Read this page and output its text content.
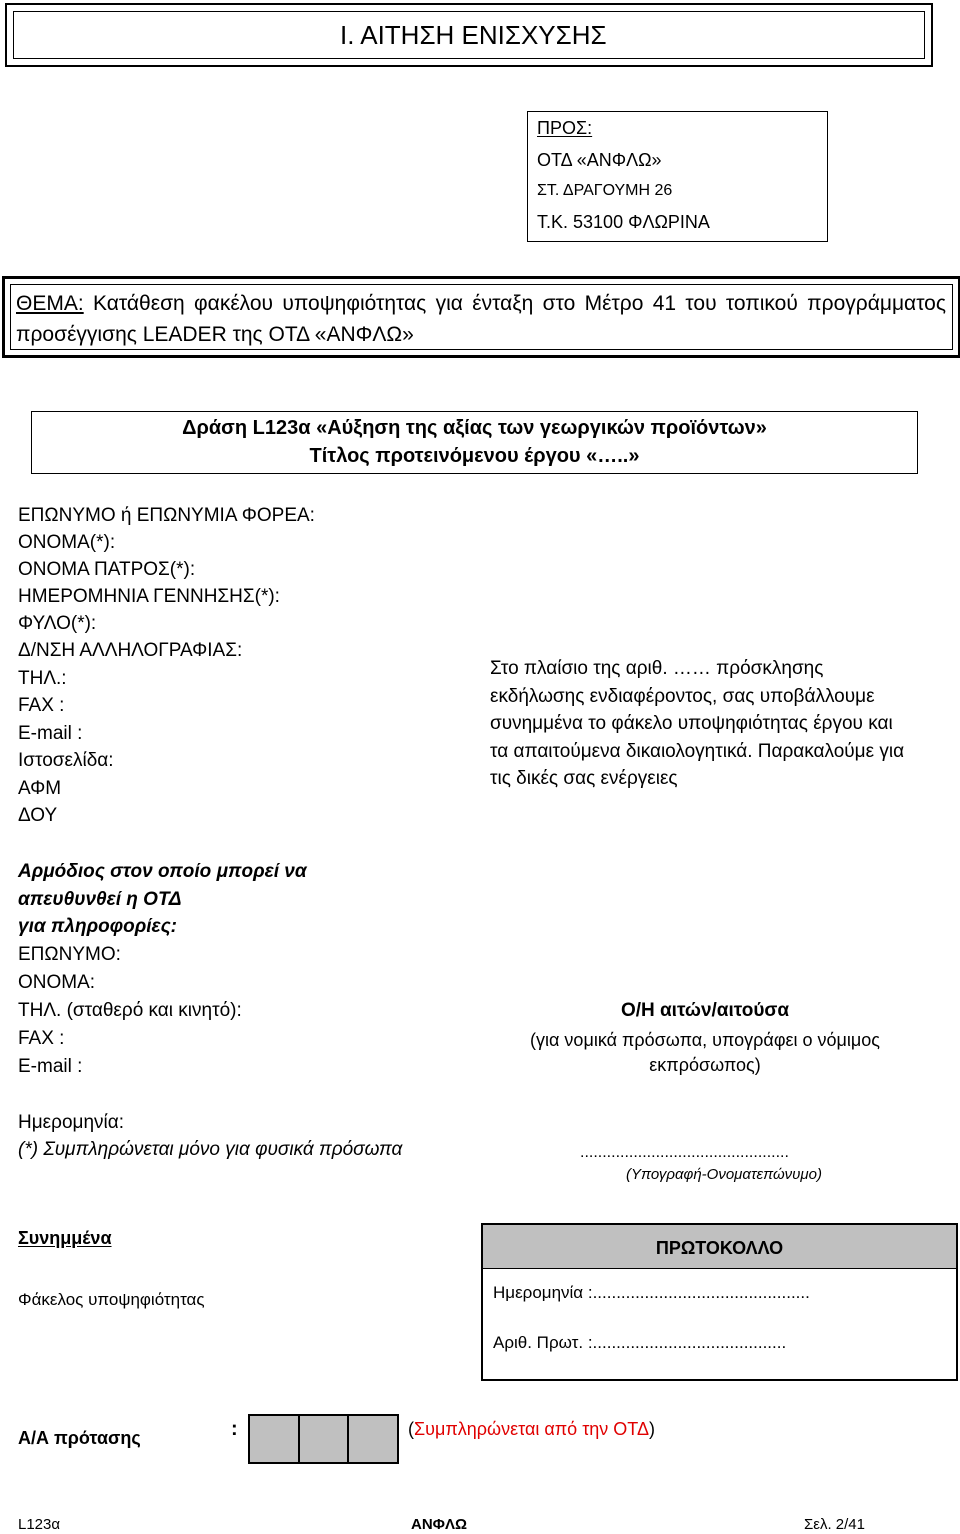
Ι. ΑΙΤΗΣΗ ΕΝΙΣΧΥΣΗΣ
ΠΡΟΣ:
ΟΤΔ «ΑΝΦΛΩ»
ΣΤ. ΔΡΑΓΟΥΜΗ 26
Τ.Κ. 53100 ΦΛΩΡΙΝΑ
ΘΕΜΑ: Κατάθεση φακέλου υποψηφιότητας για ένταξη στο Μέτρο 41 του τοπικού προγράμματος προσέγγισης LEADER της ΟΤΔ «ΑΝΦΛΩ»
Δράση L123α «Αύξηση της αξίας των γεωργικών προϊόντων»
Τίτλος προτεινόμενου έργου «…..»
ΕΠΩΝΥΜΟ ή ΕΠΩΝΥΜΙΑ ΦΟΡΕΑ:
ΟΝΟΜΑ(*):
ΟΝΟΜΑ ΠΑΤΡΟΣ(*):
ΗΜΕΡΟΜΗΝΙΑ ΓΕΝΝΗΣΗΣ(*):
ΦΥΛΟ(*):
Δ/ΝΣΗ ΑΛΛΗΛΟΓΡΑΦΙΑΣ:
ΤΗΛ.:
FAX :
E-mail :
Ιστοσελίδα:
ΑΦΜ
ΔΟΥ
Στο πλαίσιο της αριθ. …… πρόσκλησης εκδήλωσης ενδιαφέροντος, σας υποβάλλουμε συνημμένα το φάκελο υποψηφιότητας έργου και τα απαιτούμενα δικαιολογητικά. Παρακαλούμε για τις δικές σας ενέργειες
Αρμόδιος στον οποίο μπορεί να
απευθυνθεί η ΟΤΔ
για πληροφορίες:
ΕΠΩΝΥΜΟ:
ΟΝΟΜΑ:
ΤΗΛ. (σταθερό και κινητό):
FAX :
E-mail :
Ο/Η αιτών/αιτούσα
(για νομικά πρόσωπα, υπογράφει ο νόμιμος εκπρόσωπος)
Ημερομηνία:
(*) Συμπληρώνεται μόνο για φυσικά πρόσωπα	...............................................
(Υπογραφή-Ονοματεπώνυμο)
Συνημμένα
Φάκελος υποψηφιότητας
ΠΡΩΤΟΚΟΛΛΟ
Ημερομηνία :..............................................
Αριθ. Πρωτ. :.........................................
Α/Α πρότασης	:	(Συμπληρώνεται από την ΟΤΔ)
L123α	ΑΝΦΛΩ	Σελ. 2/41
